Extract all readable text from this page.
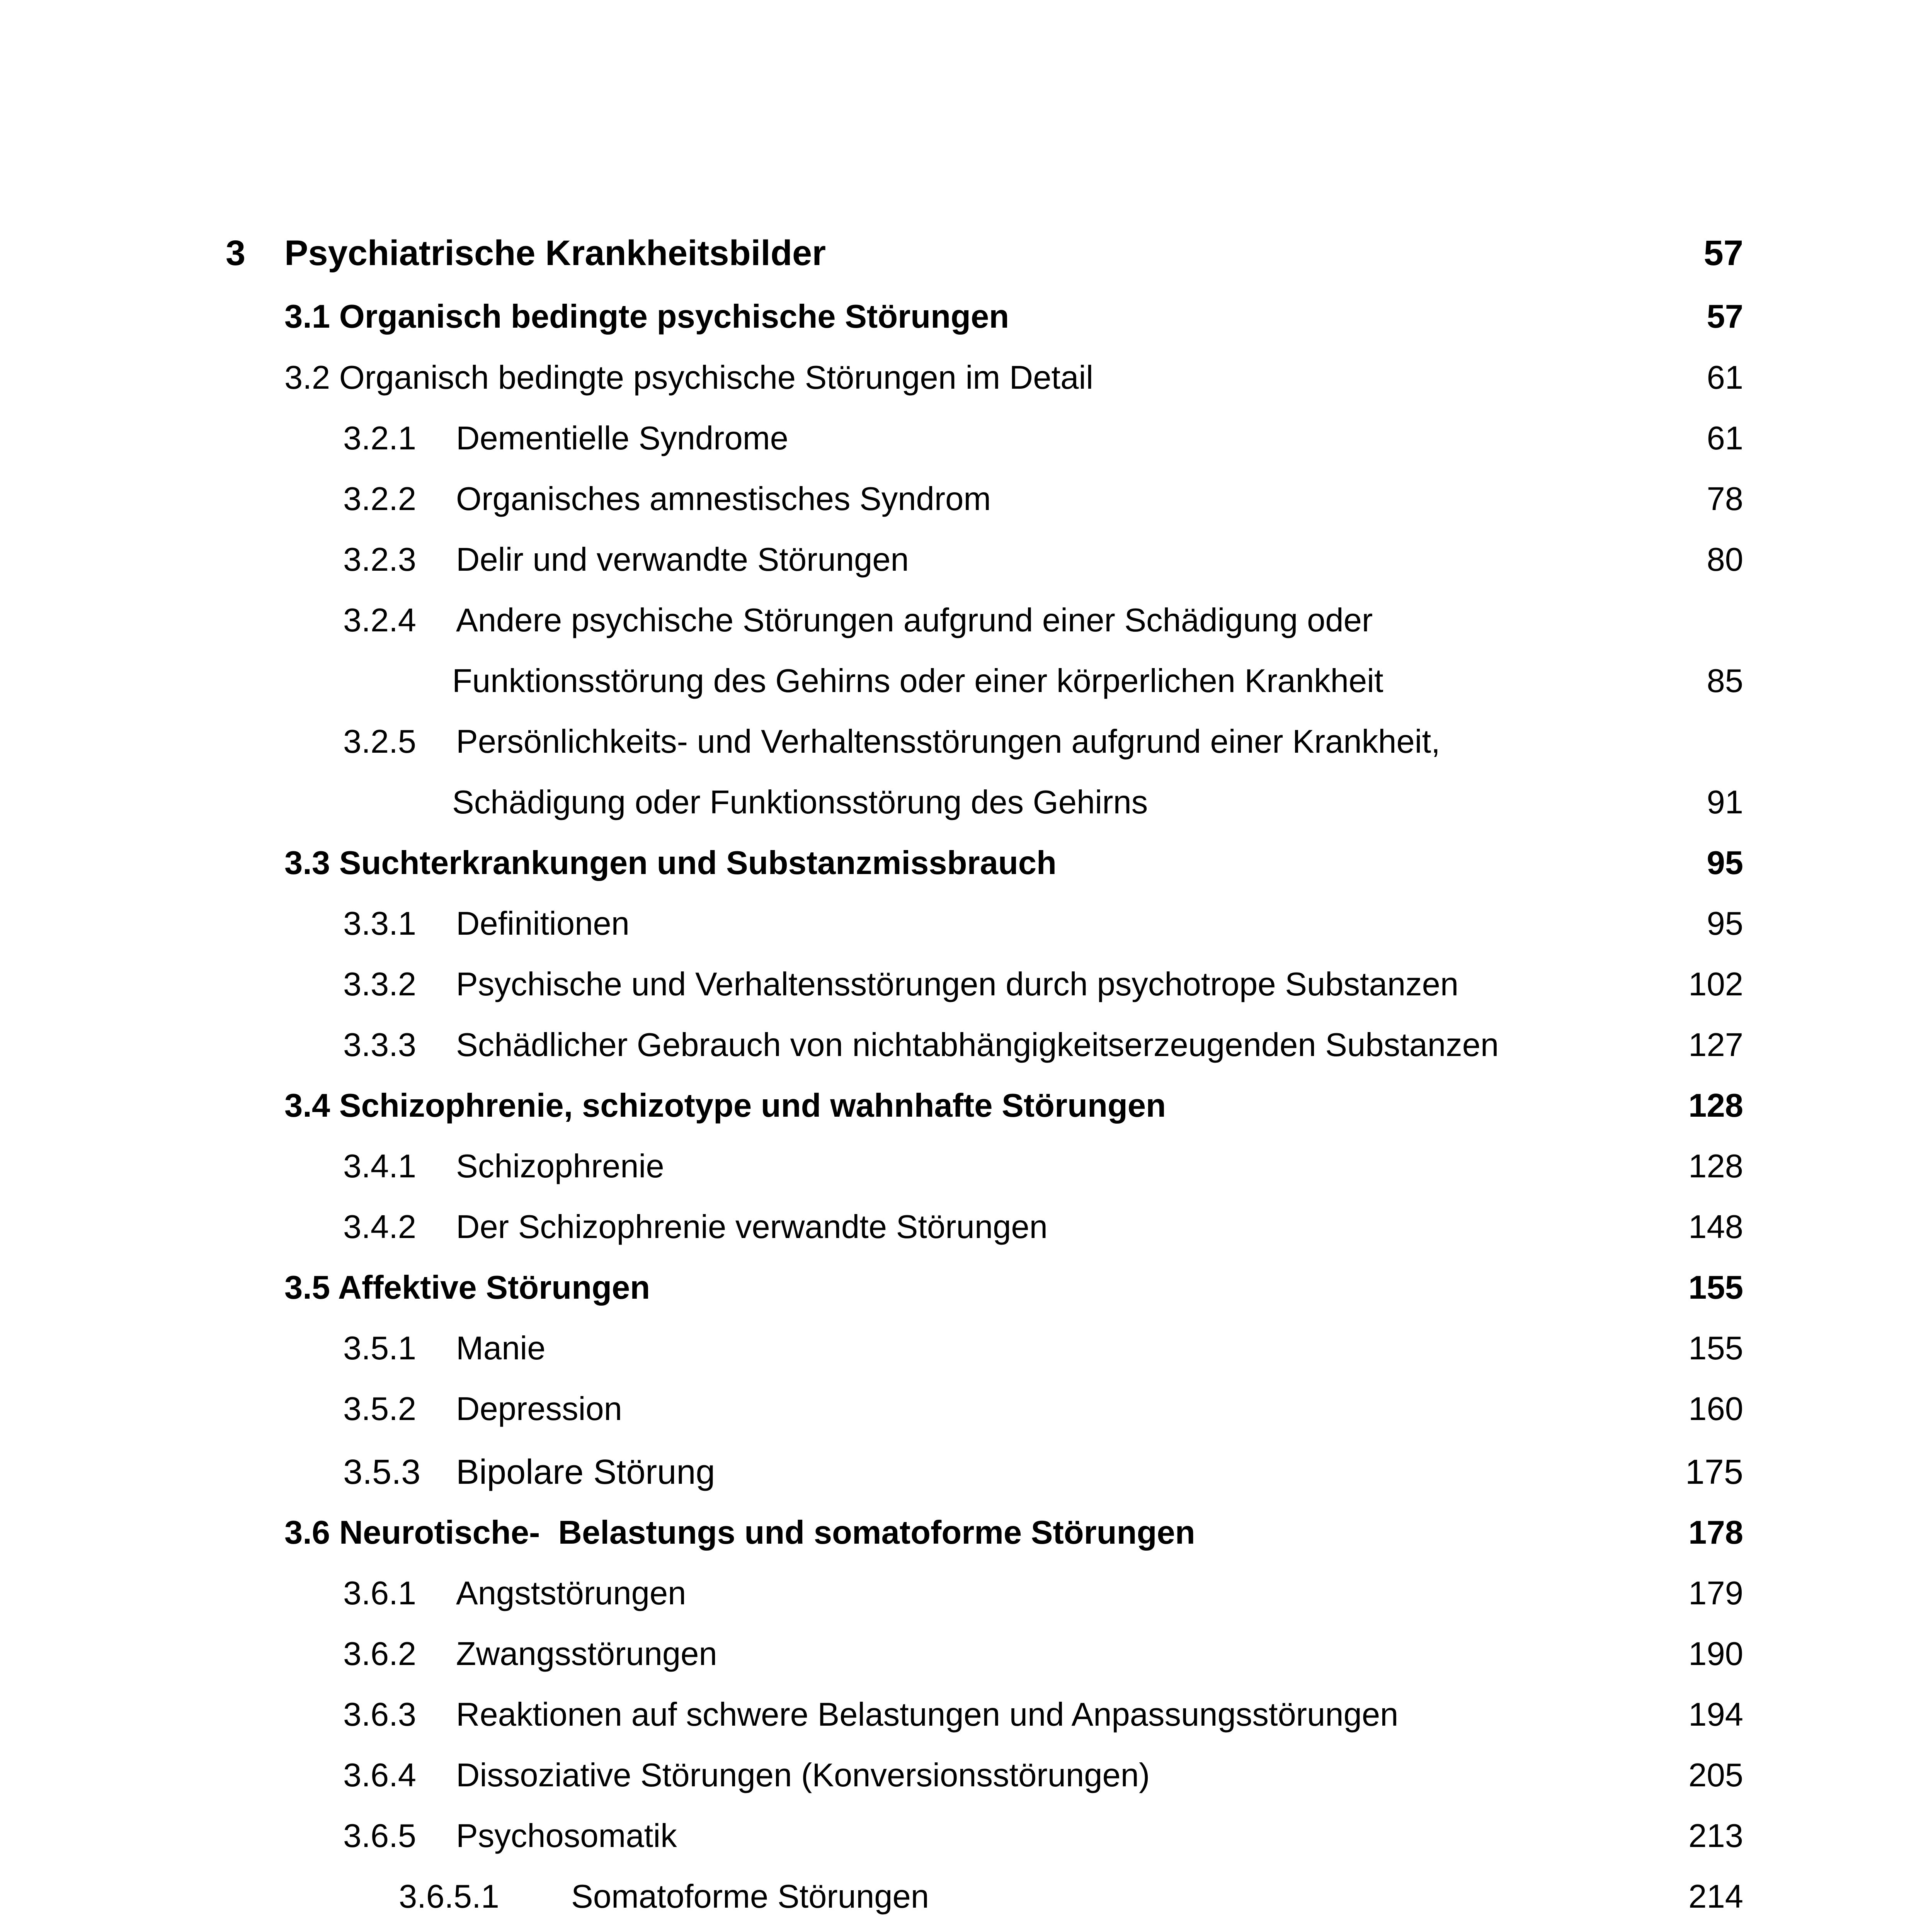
3 Psychiatrische Krankheitsbilder	57
3.1 Organisch bedingte psychische Störungen	57
3.2 Organisch bedingte psychische Störungen im Detail	61
3.2.1 Dementielle Syndrome	61
3.2.2 Organisches amnestisches Syndrom	78
3.2.3 Delir und verwandte Störungen	80
3.2.4 Andere psychische Störungen aufgrund einer Schädigung oder
Funktionsstörung des Gehirns oder einer körperlichen Krankheit	85
3.2.5 Persönlichkeits- und Verhaltensstörungen aufgrund einer Krankheit,
Schädigung oder Funktionsstörung des Gehirns	91
3.3 Suchterkrankungen und Substanzmissbrauch	95
3.3.1 Definitionen	95
3.3.2 Psychische und Verhaltensstörungen durch psychotrope Substanzen	102
3.3.3 Schädlicher Gebrauch von nichtabhängigkeitserzeugenden Substanzen	127
3.4 Schizophrenie, schizotype und wahnhafte Störungen	128
3.4.1 Schizophrenie	128
3.4.2 Der Schizophrenie verwandte Störungen	148
3.5 Affektive Störungen	155
3.5.1 Manie	155
3.5.2 Depression	160
3.5.3 Bipolare Störung	175
3.6 Neurotische-  Belastungs und somatoforme Störungen	178
3.6.1 Angststörungen	179
3.6.2 Zwangsstörungen	190
3.6.3 Reaktionen auf schwere Belastungen und Anpassungsstörungen	194
3.6.4 Dissoziative Störungen (Konversionsstörungen)	205
3.6.5 Psychosomatik	213
3.6.5.1 Somatoforme Störungen	214
